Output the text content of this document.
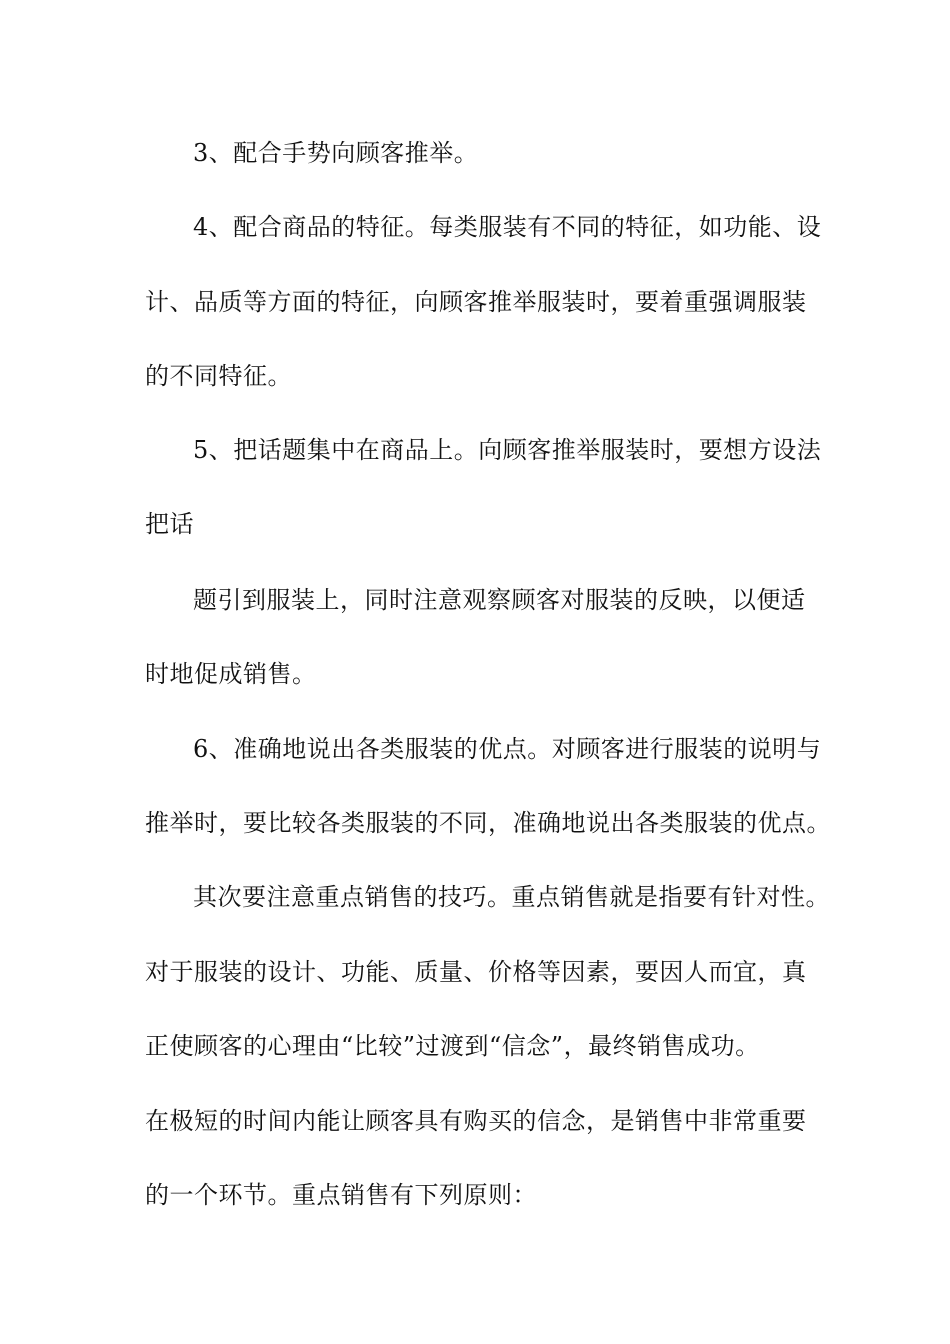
3、配合手势向顾客推举。
4、配合商品的特征。每类服装有不同的特征，如功能、设
计、品质等方面的特征，向顾客推举服装时，要着重强调服装
的不同特征。
5、把话题集中在商品上。向顾客推举服装时，要想方设法
把话
题引到服装上，同时注意观察顾客对服装的反映，以便适
时地促成销售。
6、准确地说出各类服装的优点。对顾客进行服装的说明与
推举时，要比较各类服装的不同，准确地说出各类服装的优点。
其次要注意重点销售的技巧。重点销售就是指要有针对性。
对于服装的设计、功能、质量、价格等因素，要因人而宜，真
正使顾客的心理由“比较”过渡到“信念”，最终销售成功。
在极短的时间内能让顾客具有购买的信念，是销售中非常重要
的一个环节。重点销售有下列原则：
